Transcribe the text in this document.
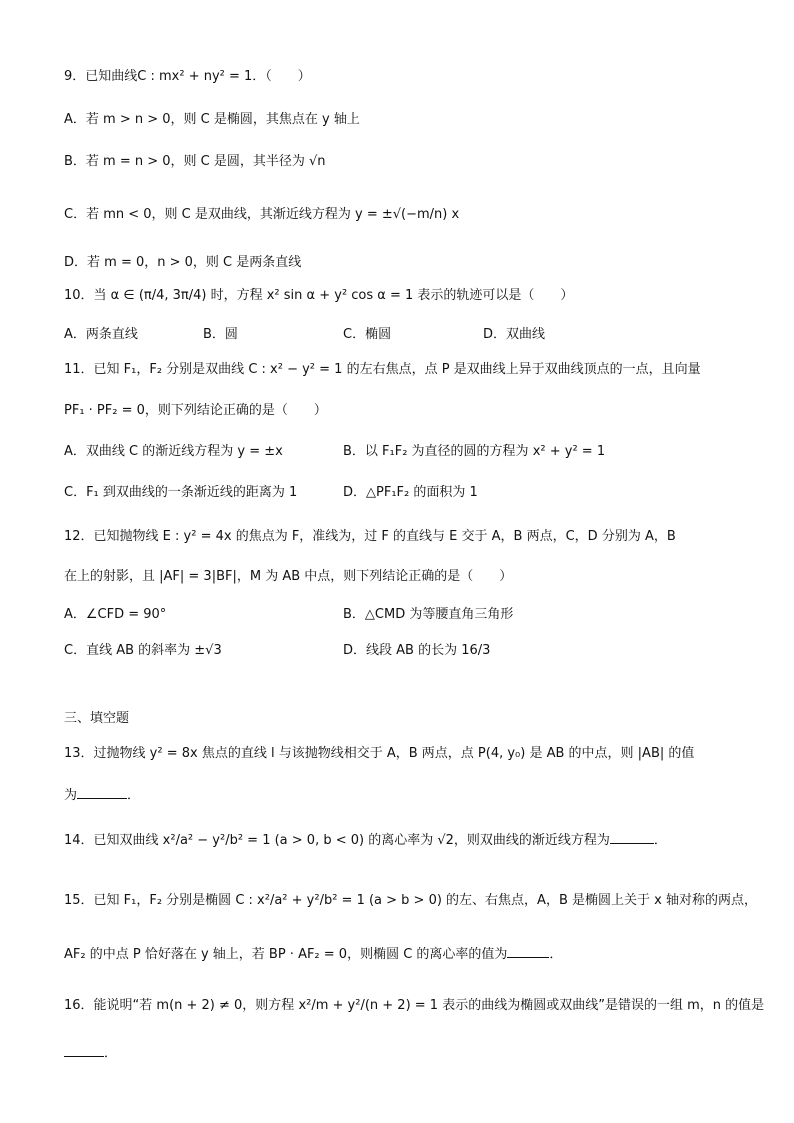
9．已知曲线C : mx² + ny² = 1．（　　）
A．若 m > n > 0，则 C 是椭圆，其焦点在 y 轴上
B．若 m = n > 0，则 C 是圆，其半径为 √n
C．若 mn < 0，则 C 是双曲线，其渐近线方程为 y = ±√(−m/n) x
D．若 m = 0，n > 0，则 C 是两条直线
10．当 α ∈ (π/4, 3π/4) 时，方程 x² sin α + y² cos α = 1 表示的轨迹可以是（　　）
A．两条直线	B．圆	C．椭圆	D．双曲线
11．已知 F₁，F₂ 分别是双曲线 C : x² − y² = 1 的左右焦点，点 P 是双曲线上异于双曲线顶点的一点，且向量
PF₁ · PF₂ = 0，则下列结论正确的是（　　）
A．双曲线 C 的渐近线方程为 y = ±x	B．以 F₁F₂ 为直径的圆的方程为 x² + y² = 1
C．F₁ 到双曲线的一条渐近线的距离为 1	D．△PF₁F₂ 的面积为 1
12．已知抛物线 E : y² = 4x 的焦点为 F，准线为，过 F 的直线与 E 交于 A，B 两点，C，D 分别为 A，B
在上的射影，且 |AF| = 3|BF|，M 为 AB 中点，则下列结论正确的是（　　）
A．∠CFD = 90°	B．△CMD 为等腰直角三角形
C．直线 AB 的斜率为 ±√3	D．线段 AB 的长为 16/3
三、填空题
13．过抛物线 y² = 8x 焦点的直线 l 与该抛物线相交于 A，B 两点，点 P(4, y₀) 是 AB 的中点，则 |AB| 的值
为	．
14．已知双曲线 x²/a² − y²/b² = 1 (a > 0, b < 0) 的离心率为 √2，则双曲线的渐近线方程为	．
15．已知 F₁，F₂ 分别是椭圆 C : x²/a² + y²/b² = 1 (a > b > 0) 的左、右焦点，A，B 是椭圆上关于 x 轴对称的两点，
AF₂ 的中点 P 恰好落在 y 轴上，若 BP · AF₂ = 0，则椭圆 C 的离心率的值为	．
16．能说明“若 m(n + 2) ≠ 0，则方程 x²/m + y²/(n + 2) = 1 表示的曲线为椭圆或双曲线”是错误的一组 m，n 的值是
．
